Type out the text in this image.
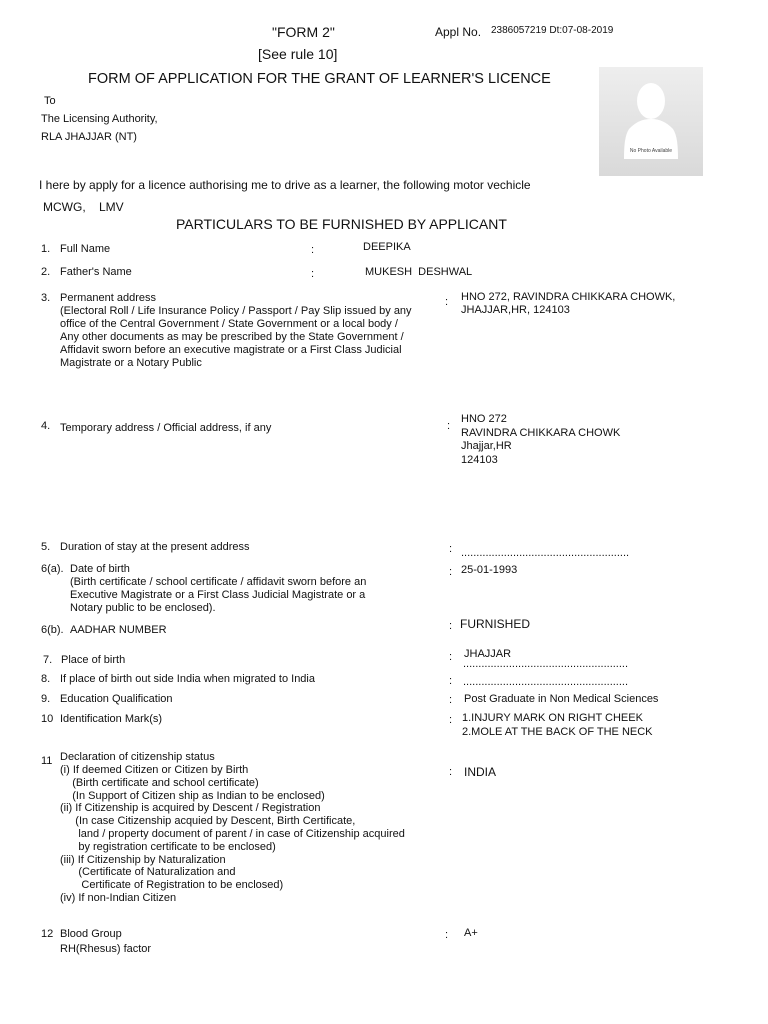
"FORM 2"
[See rule 10]
Appl No. 2386057219 Dt:07-08-2019
FORM OF APPLICATION FOR THE GRANT OF LEARNER'S LICENCE
No Photo Available
To
The Licensing Authority,
RLA JHAJJAR (NT)
I here by apply for a licence authorising me to drive as a learner, the following motor vechicle
MCWG,    LMV
PARTICULARS TO BE FURNISHED BY APPLICANT
1. Full Name	:	DEEPIKA
2. Father's Name	:	MUKESH  DESHWAL
3. Permanent address
(Electoral Roll / Life Insurance Policy / Passport / Pay Slip issued by any
office of the Central Government / State Government or a local body /
Any other documents as may be prescribed by the State Government /
Affidavit sworn before an executive magistrate or a First Class Judicial
Magistrate or a Notary Public
: HNO 272, RAVINDRA CHIKKARA CHOWK,
JHAJJAR,HR, 124103
4. Temporary address / Official address, if any	:
HNO 272
RAVINDRA CHIKKARA CHOWK
Jhajjar,HR
124103
5. Duration of stay at the present address	: .......................................................
6(a). Date of birth
(Birth certificate / school certificate / affidavit sworn before an
Executive Magistrate or a First Class Judicial Magistrate or a
Notary public to be enclosed).
: 25-01-1993
6(b). AADHAR NUMBER	: FURNISHED
7. Place of birth	: JHAJJAR
......................................................
8. If place of birth out side India when migrated to India	: ......................................................
9. Education Qualification	: Post Graduate in Non Medical Sciences
10 Identification Mark(s)	: 1.INJURY MARK ON RIGHT CHEEK
2.MOLE AT THE BACK OF THE NECK
11 Declaration of citizenship status
(i) If deemed Citizen or Citizen by Birth
(Birth certificate and school certificate)
(In Support of Citizen ship as Indian to be enclosed)
(ii) If Citizenship is acquired by Descent / Registration
(In case Citizenship acquied by Descent, Birth Certificate,
land / property document of parent / in case of Citizenship acquired
by registration certificate to be enclosed)
(iii) If Citizenship by Naturalization
(Certificate of Naturalization and
Certificate of Registration to be enclosed)
(iv) If non-Indian Citizen
: INDIA
12 Blood Group
RH(Rhesus) factor
: A+
